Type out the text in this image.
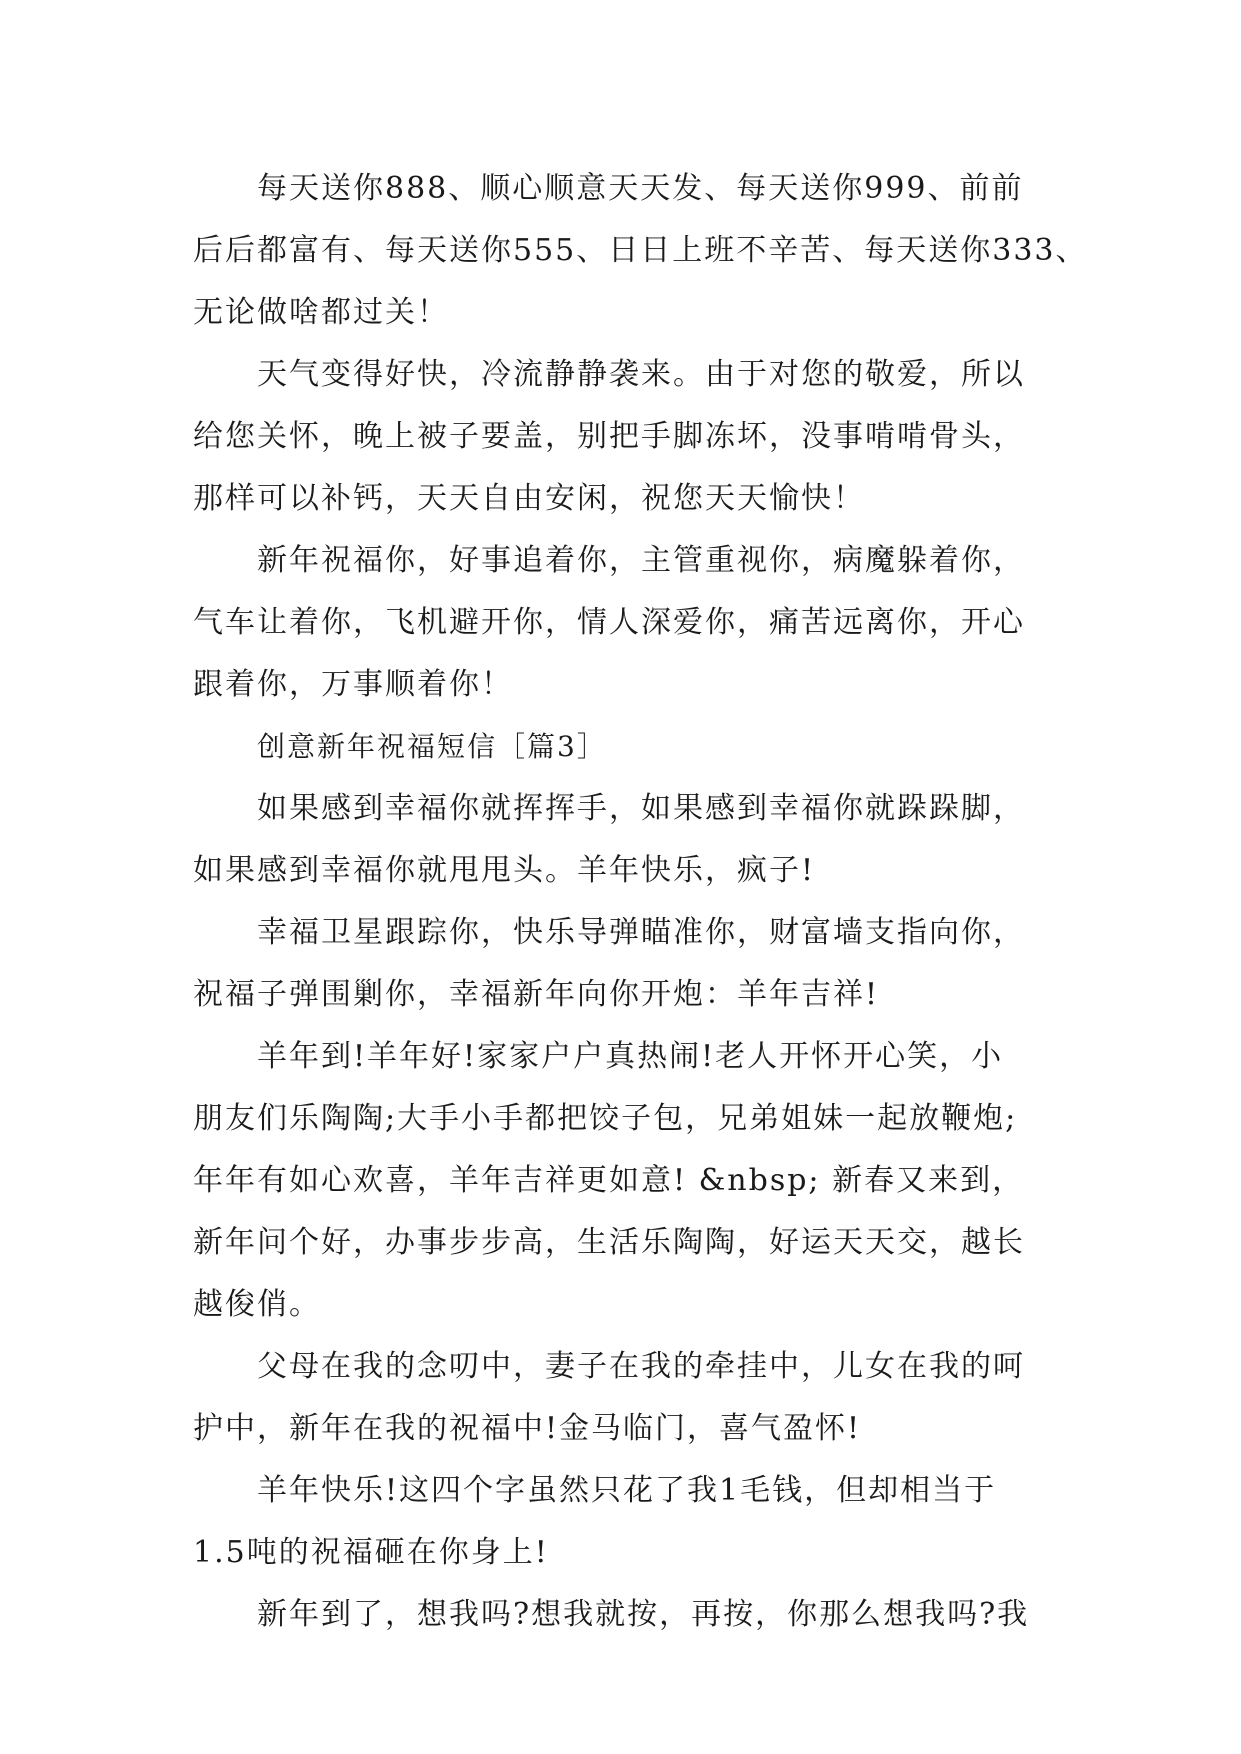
每天送你888、顺心顺意天天发、每天送你999、前前
后后都富有、每天送你555、日日上班不辛苦、每天送你333、
无论做啥都过关！
天气变得好快，冷流静静袭来。由于对您的敬爱，所以
给您关怀，晚上被子要盖，别把手脚冻坏，没事啃啃骨头，
那样可以补钙，天天自由安闲，祝您天天愉快！
新年祝福你，好事追着你，主管重视你，病魔躲着你，
气车让着你，飞机避开你，情人深爱你，痛苦远离你，开心
跟着你，万事顺着你！
创意新年祝福短信［篇3］
如果感到幸福你就挥挥手，如果感到幸福你就跺跺脚，
如果感到幸福你就甩甩头。羊年快乐，疯子!
幸福卫星跟踪你，快乐导弹瞄准你，财富墙支指向你，
祝福子弹围剿你，幸福新年向你开炮：羊年吉祥!
羊年到!羊年好!家家户户真热闹!老人开怀开心笑，小
朋友们乐陶陶;大手小手都把饺子包，兄弟姐妹一起放鞭炮;
年年有如心欢喜，羊年吉祥更如意! &nbsp; 新春又来到，
新年问个好，办事步步高，生活乐陶陶，好运天天交，越长
越俊俏。
父母在我的念叨中，妻子在我的牵挂中，儿女在我的呵
护中，新年在我的祝福中!金马临门，喜气盈怀!
羊年快乐!这四个字虽然只花了我1毛钱，但却相当于
1.5吨的祝福砸在你身上!
新年到了，想我吗?想我就按，再按，你那么想我吗?我
